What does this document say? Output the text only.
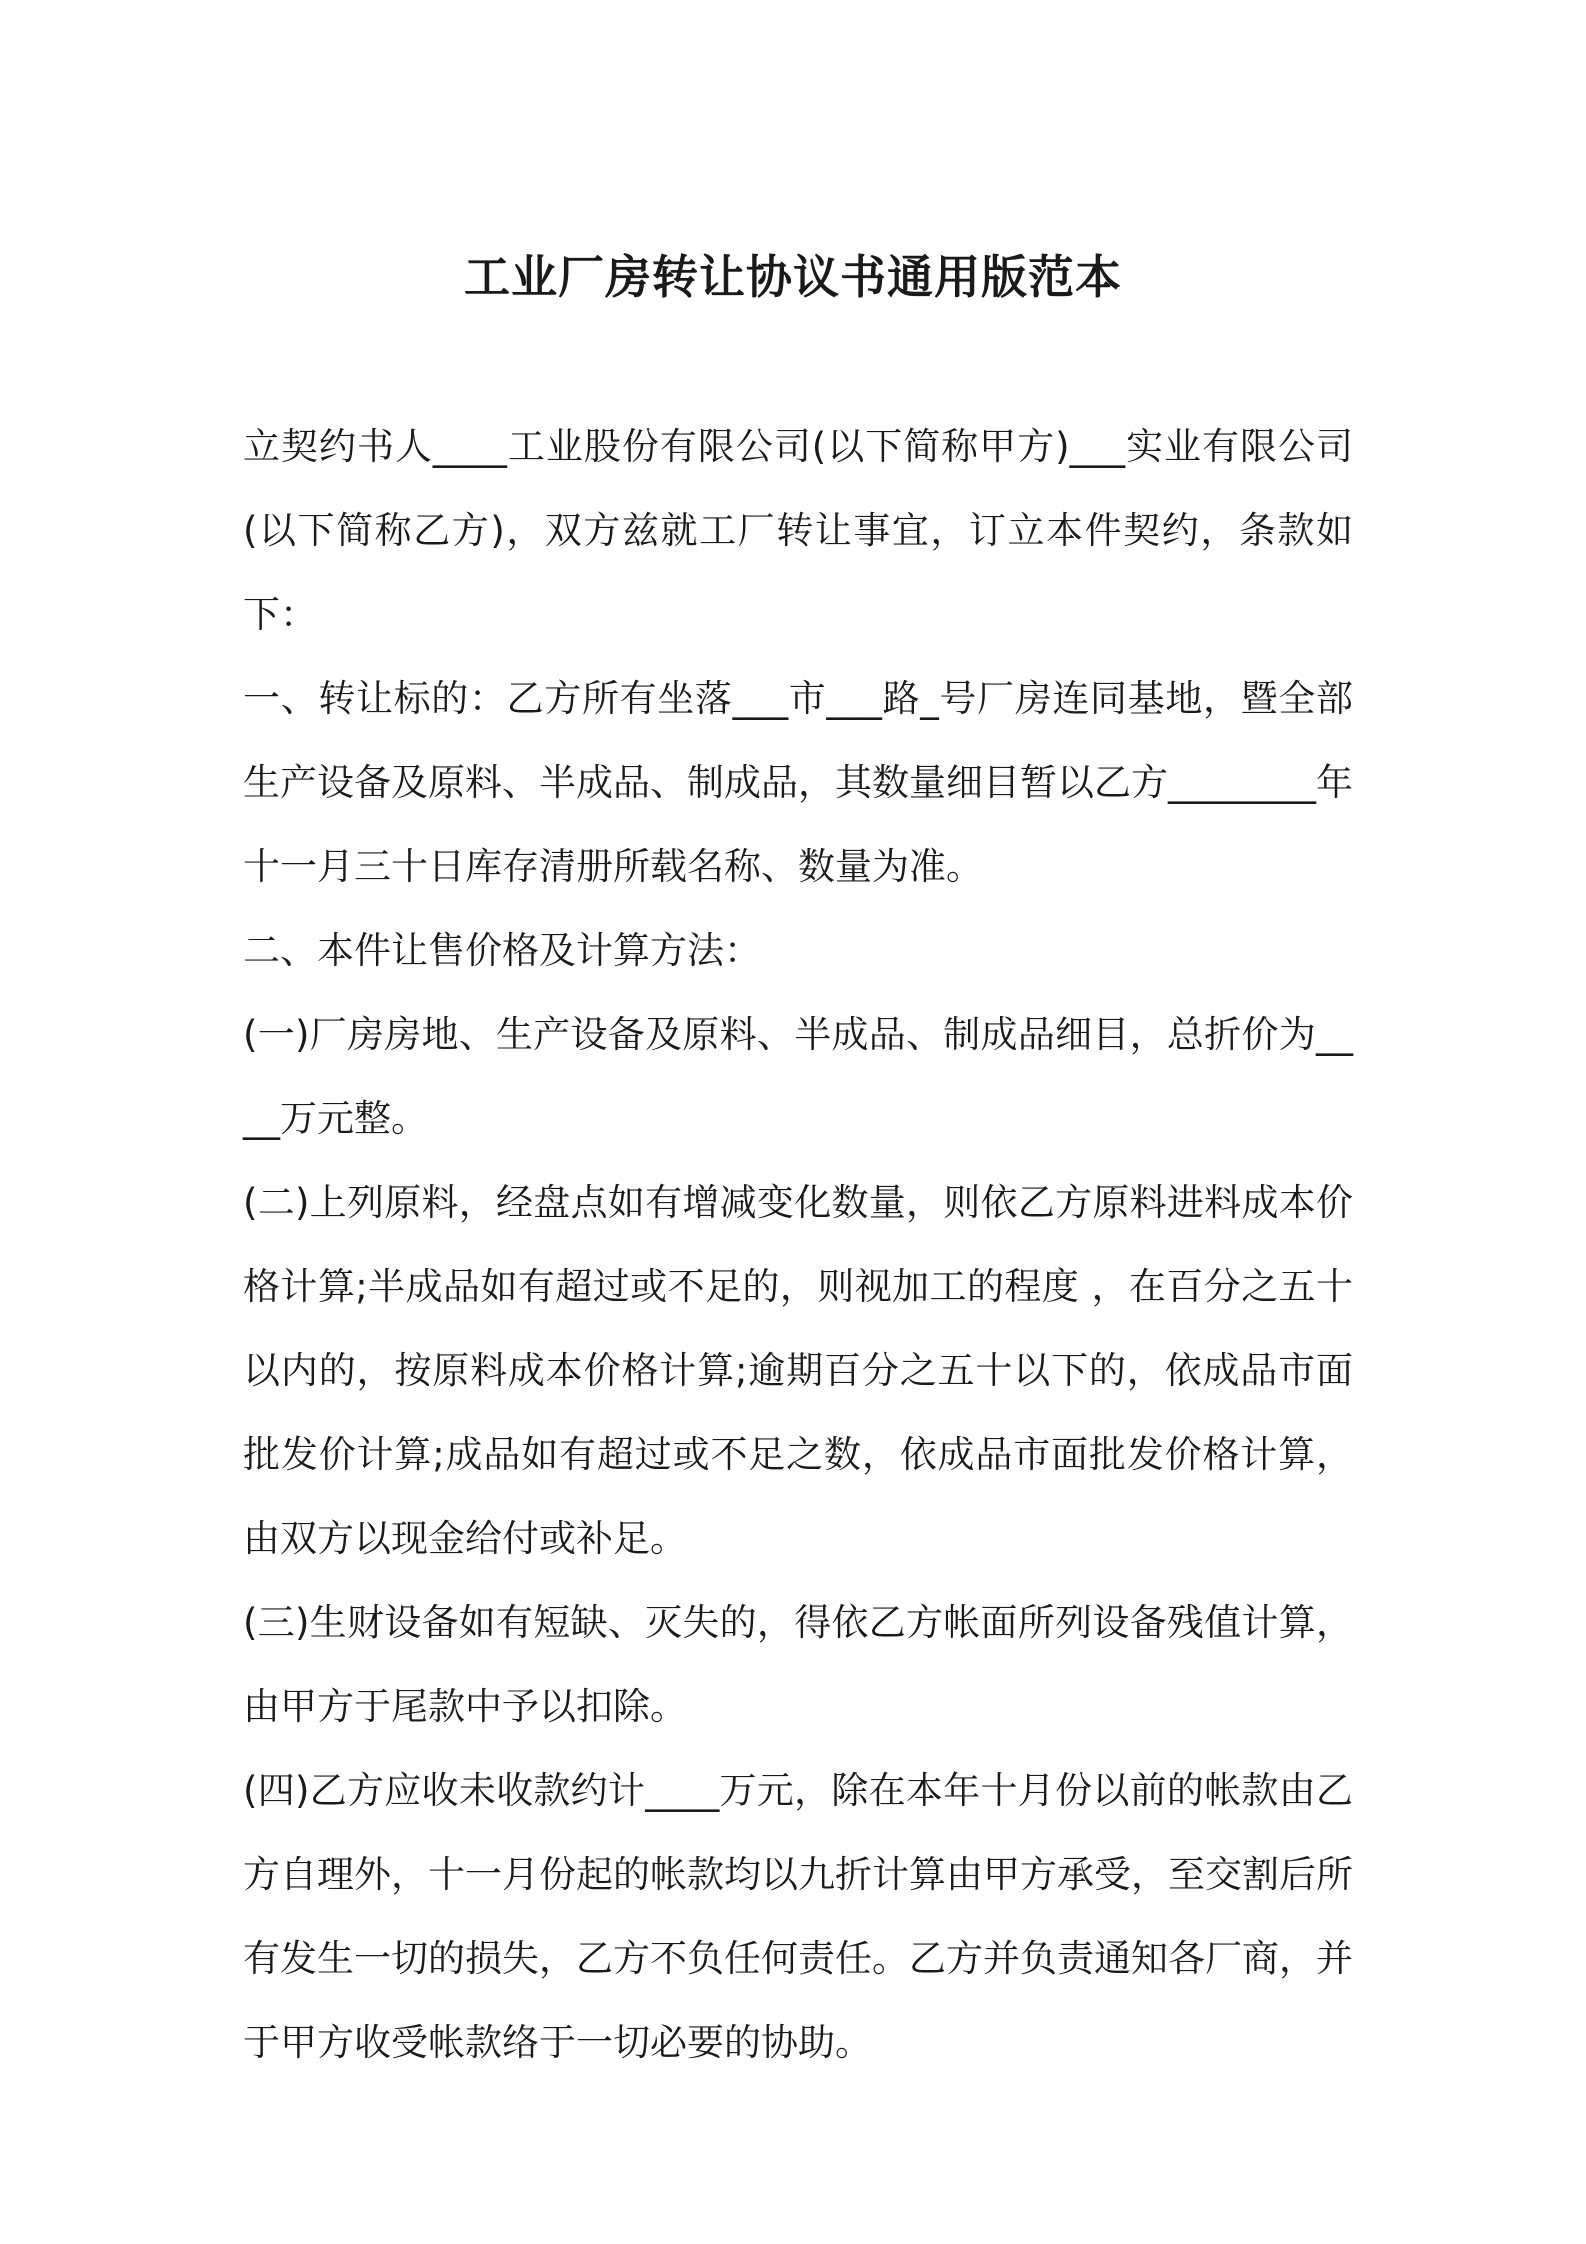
工业厂房转让协议书通用版范本

立契约书人____工业股份有限公司(以下简称甲方)___实业有限公司(以下简称乙方)，双方兹就工厂转让事宜，订立本件契约，条款如下：

一、转让标的：乙方所有坐落___市___路_号厂房连同基地，暨全部生产设备及原料、半成品、制成品，其数量细目暂以乙方________年十一月三十日库存清册所载名称、数量为准。

二、本件让售价格及计算方法：

(一)厂房房地、生产设备及原料、半成品、制成品细目，总折价为____万元整。

(二)上列原料，经盘点如有增减变化数量，则依乙方原料进料成本价格计算;半成品如有超过或不足的，则视加工的程度 ，在百分之五十以内的，按原料成本价格计算;逾期百分之五十以下的，依成品市面批发价计算;成品如有超过或不足之数，依成品市面批发价格计算，由双方以现金给付或补足。

(三)生财设备如有短缺、灭失的，得依乙方帐面所列设备残值计算，由甲方于尾款中予以扣除。

(四)乙方应收未收款约计____万元，除在本年十月份以前的帐款由乙方自理外，十一月份起的帐款均以九折计算由甲方承受，至交割后所有发生一切的损失，乙方不负任何责任。乙方并负责通知各厂商，并于甲方收受帐款络于一切必要的协助。
